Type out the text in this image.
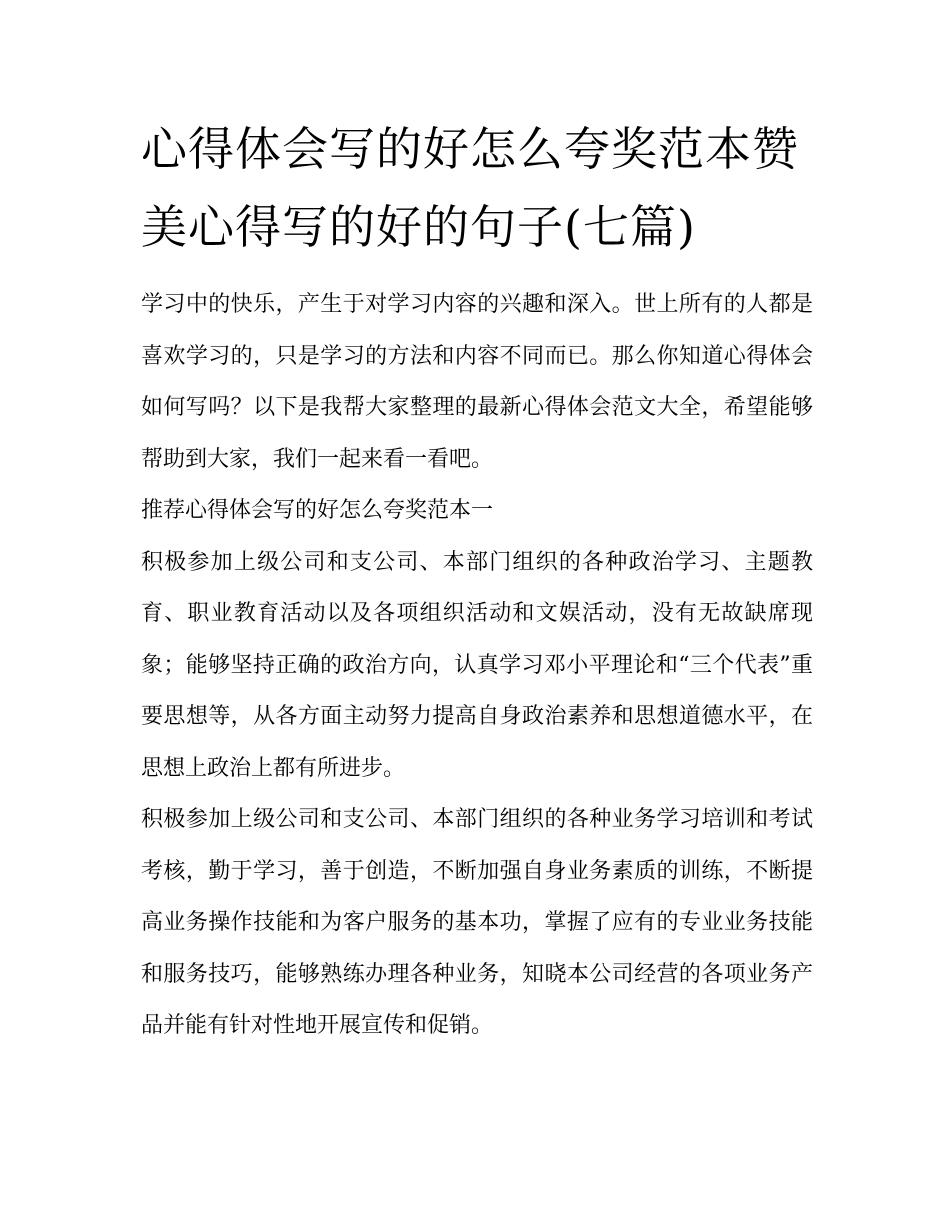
心得体会写的好怎么夸奖范本赞美心得写的好的句子(七篇)

学习中的快乐，产生于对学习内容的兴趣和深入。世上所有的人都是喜欢学习的，只是学习的方法和内容不同而已。那么你知道心得体会如何写吗？以下是我帮大家整理的最新心得体会范文大全，希望能够帮助到大家，我们一起来看一看吧。

推荐心得体会写的好怎么夸奖范本一

积极参加上级公司和支公司、本部门组织的各种政治学习、主题教育、职业教育活动以及各项组织活动和文娱活动，没有无故缺席现象；能够坚持正确的政治方向，认真学习邓小平理论和“三个代表”重要思想等，从各方面主动努力提高自身政治素养和思想道德水平，在思想上政治上都有所进步。

积极参加上级公司和支公司、本部门组织的各种业务学习培训和考试考核，勤于学习，善于创造，不断加强自身业务素质的训练，不断提高业务操作技能和为客户服务的基本功，掌握了应有的专业业务技能和服务技巧，能够熟练办理各种业务，知晓本公司经营的各项业务产品并能有针对性地开展宣传和促销。
